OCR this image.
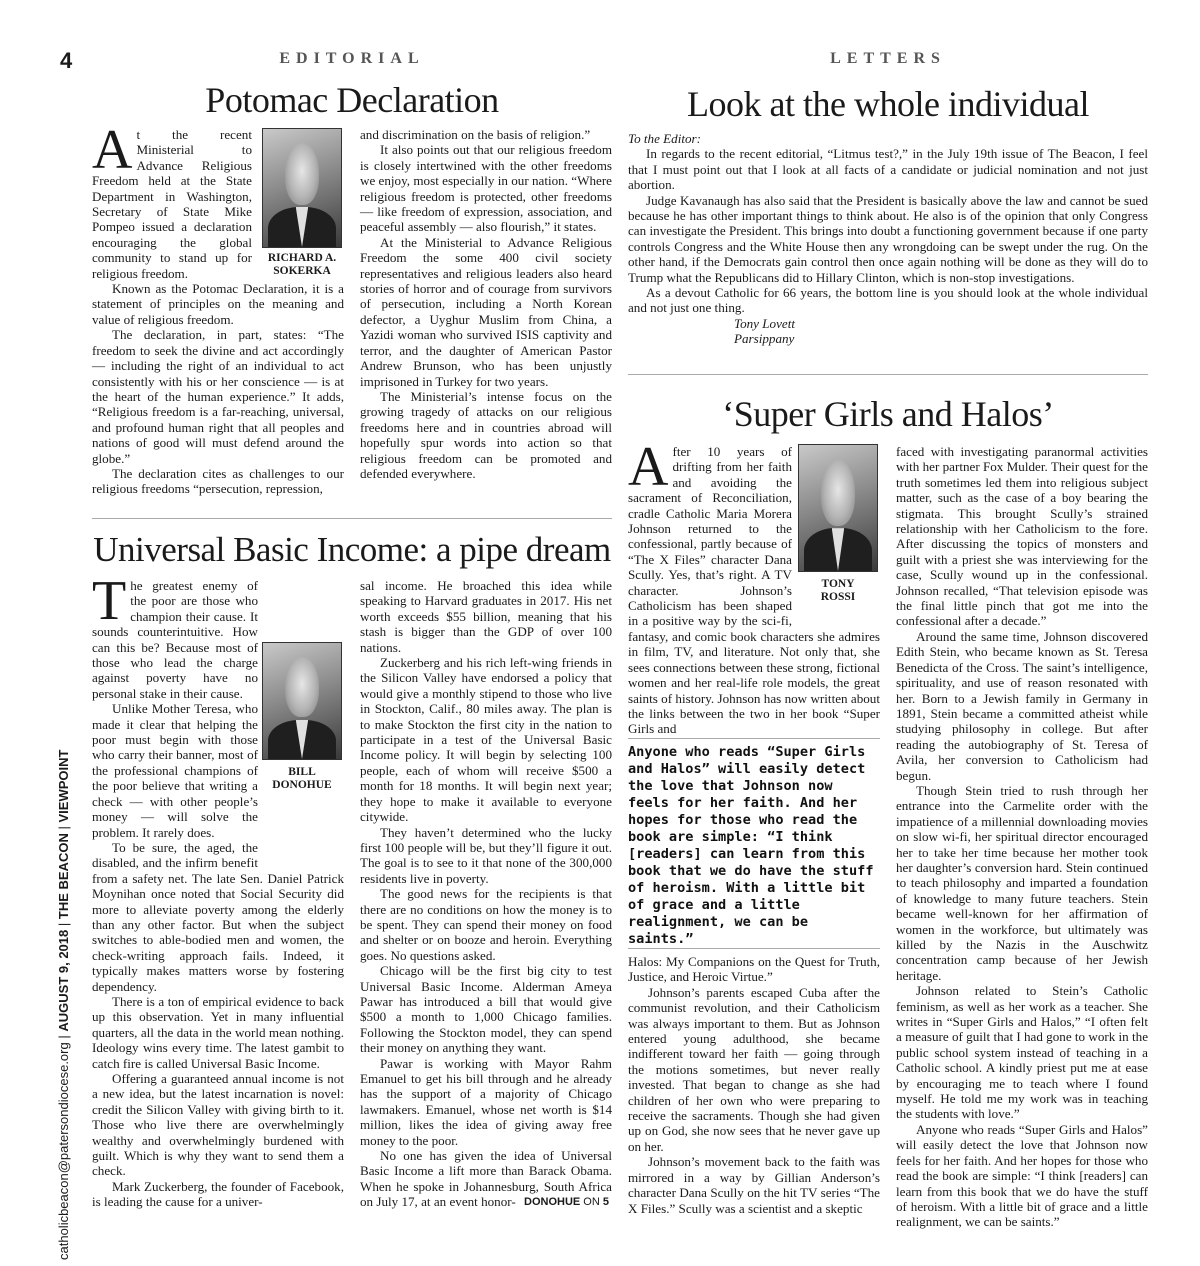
4
catholicbeacon@patersondiocese.org | AUGUST 9, 2018 | THE BEACON | VIEWPOINT
EDITORIAL
Potomac Declaration

At the recent Ministerial to Advance Religious Freedom held at the State Department in Washington, Secretary of State Mike Pompeo issued a declaration encouraging the global community to stand up for religious freedom.

Known as the Potomac Declaration, it is a statement of principles on the meaning and value of religious freedom.

The declaration, in part, states: “The freedom to seek the divine and act accordingly — including the right of an individual to act consistently with his or her conscience — is at the heart of the human experience.” It adds, “Religious freedom is a far-reaching, universal, and profound human right that all peoples and nations of good will must defend around the globe.”

The declaration cites as challenges to our religious freedoms “persecution, repression,

RICHARD A.
SOKERKA

and discrimination on the basis of religion.”

It also points out that our religious freedom is closely intertwined with the other freedoms we enjoy, most especially in our nation. “Where religious freedom is protected, other freedoms — like freedom of expression, association, and peaceful assembly — also flourish,” it states.

At the Ministerial to Advance Religious Freedom the some 400 civil society representatives and religious leaders also heard stories of horror and of courage from survivors of persecution, including a North Korean defector, a Uyghur Muslim from China, a Yazidi woman who survived ISIS captivity and terror, and the daughter of American Pastor Andrew Brunson, who has been unjustly imprisoned in Turkey for two years.

The Ministerial’s intense focus on the growing tragedy of attacks on our religious freedoms here and in countries abroad will hopefully spur words into action so that religious freedom can be promoted and defended everywhere.

Universal Basic Income: a pipe dream

The greatest enemy of the poor are those who champion their cause. It sounds counterintuitive. How can this be? Because most of those who lead the charge against poverty have no personal stake in their cause.

Unlike Mother Teresa, who made it clear that helping the poor must begin with those who carry their banner, most of the professional champions of the poor believe that writing a check — with other people’s money — will solve the problem. It rarely does.

To be sure, the aged, the disabled, and the infirm benefit from a safety net. The late Sen. Daniel Patrick Moynihan once noted that Social Security did more to alleviate poverty among the elderly than any other factor. But when the subject switches to able-bodied men and women, the check-writing approach fails. Indeed, it typically makes matters worse by fostering dependency.

There is a ton of empirical evidence to back up this observation. Yet in many influential quarters, all the data in the world mean nothing. Ideology wins every time. The latest gambit to catch fire is called Universal Basic Income.

Offering a guaranteed annual income is not a new idea, but the latest incarnation is novel: credit the Silicon Valley with giving birth to it. Those who live there are overwhelmingly wealthy and overwhelmingly burdened with guilt. Which is why they want to send them a check.

Mark Zuckerberg, the founder of Facebook, is leading the cause for a univer-

BILL
DONOHUE

sal income. He broached this idea while speaking to Harvard graduates in 2017. His net worth exceeds $55 billion, meaning that his stash is bigger than the GDP of over 100 nations.

Zuckerberg and his rich left-wing friends in the Silicon Valley have endorsed a policy that would give a monthly stipend to those who live in Stockton, Calif., 80 miles away. The plan is to make Stockton the first city in the nation to participate in a test of the Universal Basic Income policy. It will begin by selecting 100 people, each of whom will receive $500 a month for 18 months. It will begin next year; they hope to make it available to everyone citywide.

They haven’t determined who the lucky first 100 people will be, but they’ll figure it out. The goal is to see to it that none of the 300,000 residents live in poverty.

The good news for the recipients is that there are no conditions on how the money is to be spent. They can spend their money on food and shelter or on booze and heroin. Everything goes. No questions asked.

Chicago will be the first big city to test Universal Basic Income. Alderman Ameya Pawar has introduced a bill that would give $500 a month to 1,000 Chicago families. Following the Stockton model, they can spend their money on anything they want.

Pawar is working with Mayor Rahm Emanuel to get his bill through and he already has the support of a majority of Chicago lawmakers. Emanuel, whose net worth is $14 million, likes the idea of giving away free money to the poor.

No one has given the idea of Universal Basic Income a lift more than Barack Obama. When he spoke in Johannesburg, South Africa on July 17, at an event honor- DONOHUE ON 5
LETTERS
Look at the whole individual

To the Editor:

In regards to the recent editorial, “Litmus test?,” in the July 19th issue of The Beacon, I feel that I must point out that I look at all facts of a candidate or judicial nomination and not just abortion.

Judge Kavanaugh has also said that the President is basically above the law and cannot be sued because he has other important things to think about. He also is of the opinion that only Congress can investigate the President. This brings into doubt a functioning government because if one party controls Congress and the White House then any wrongdoing can be swept under the rug. On the other hand, if the Democrats gain control then once again nothing will be done as they will do to Trump what the Republicans did to Hillary Clinton, which is non-stop investigations.

As a devout Catholic for 66 years, the bottom line is you should look at the whole individual and not just one thing.

Tony Lovett

Parsippany

‘Super Girls and Halos’

After 10 years of drifting from her faith and avoiding the sacrament of Reconciliation, cradle Catholic Maria Morera Johnson returned to the confessional, partly because of “The X Files” character Dana Scully. Yes, that’s right. A TV character. Johnson’s Catholicism has been shaped in a positive way by the sci-fi, fantasy, and comic book characters she admires in film, TV, and literature. Not only that, she sees connections between these strong, fictional women and her real-life role models, the great saints of history. Johnson has now written about the links between the two in her book “Super Girls and

TONY
ROSSI
Anyone who reads “Super Girls and Halos” will easily detect the love that Johnson now feels for her faith. And her hopes for those who read the book are simple: “I think [readers] can learn from this book that we do have the stuff of heroism. With a little bit of grace and a little realignment, we can be saints.”

Halos: My Companions on the Quest for Truth, Justice, and Heroic Virtue.”

Johnson’s parents escaped Cuba after the communist revolution, and their Catholicism was always important to them. But as Johnson entered young adulthood, she became indifferent toward her faith — going through the motions sometimes, but never really invested. That began to change as she had children of her own who were preparing to receive the sacraments. Though she had given up on God, she now sees that he never gave up on her.

Johnson’s movement back to the faith was mirrored in a way by Gillian Anderson’s character Dana Scully on the hit TV series “The X Files.” Scully was a scientist and a skeptic

faced with investigating paranormal activities with her partner Fox Mulder. Their quest for the truth sometimes led them into religious subject matter, such as the case of a boy bearing the stigmata. This brought Scully’s strained relationship with her Catholicism to the fore. After discussing the topics of monsters and guilt with a priest she was interviewing for the case, Scully wound up in the confessional. Johnson recalled, “That television episode was the final little pinch that got me into the confessional after a decade.”

Around the same time, Johnson discovered Edith Stein, who became known as St. Teresa Benedicta of the Cross. The saint’s intelligence, spirituality, and use of reason resonated with her. Born to a Jewish family in Germany in 1891, Stein became a committed atheist while studying philosophy in college. But after reading the autobiography of St. Teresa of Avila, her conversion to Catholicism had begun.

Though Stein tried to rush through her entrance into the Carmelite order with the impatience of a millennial downloading movies on slow wi-fi, her spiritual director encouraged her to take her time because her mother took her daughter’s conversion hard. Stein continued to teach philosophy and imparted a foundation of knowledge to many future teachers. Stein became well-known for her affirmation of women in the workforce, but ultimately was killed by the Nazis in the Auschwitz concentration camp because of her Jewish heritage.

Johnson related to Stein’s Catholic feminism, as well as her work as a teacher. She writes in “Super Girls and Halos,” “I often felt a measure of guilt that I had gone to work in the public school system instead of teaching in a Catholic school. A kindly priest put me at ease by encouraging me to teach where I found myself. He told me my work was in teaching the students with love.”

Anyone who reads “Super Girls and Halos” will easily detect the love that Johnson now feels for her faith. And her hopes for those who read the book are simple: “I think [readers] can learn from this book that we do have the stuff of heroism. With a little bit of grace and a little realignment, we can be saints.”
